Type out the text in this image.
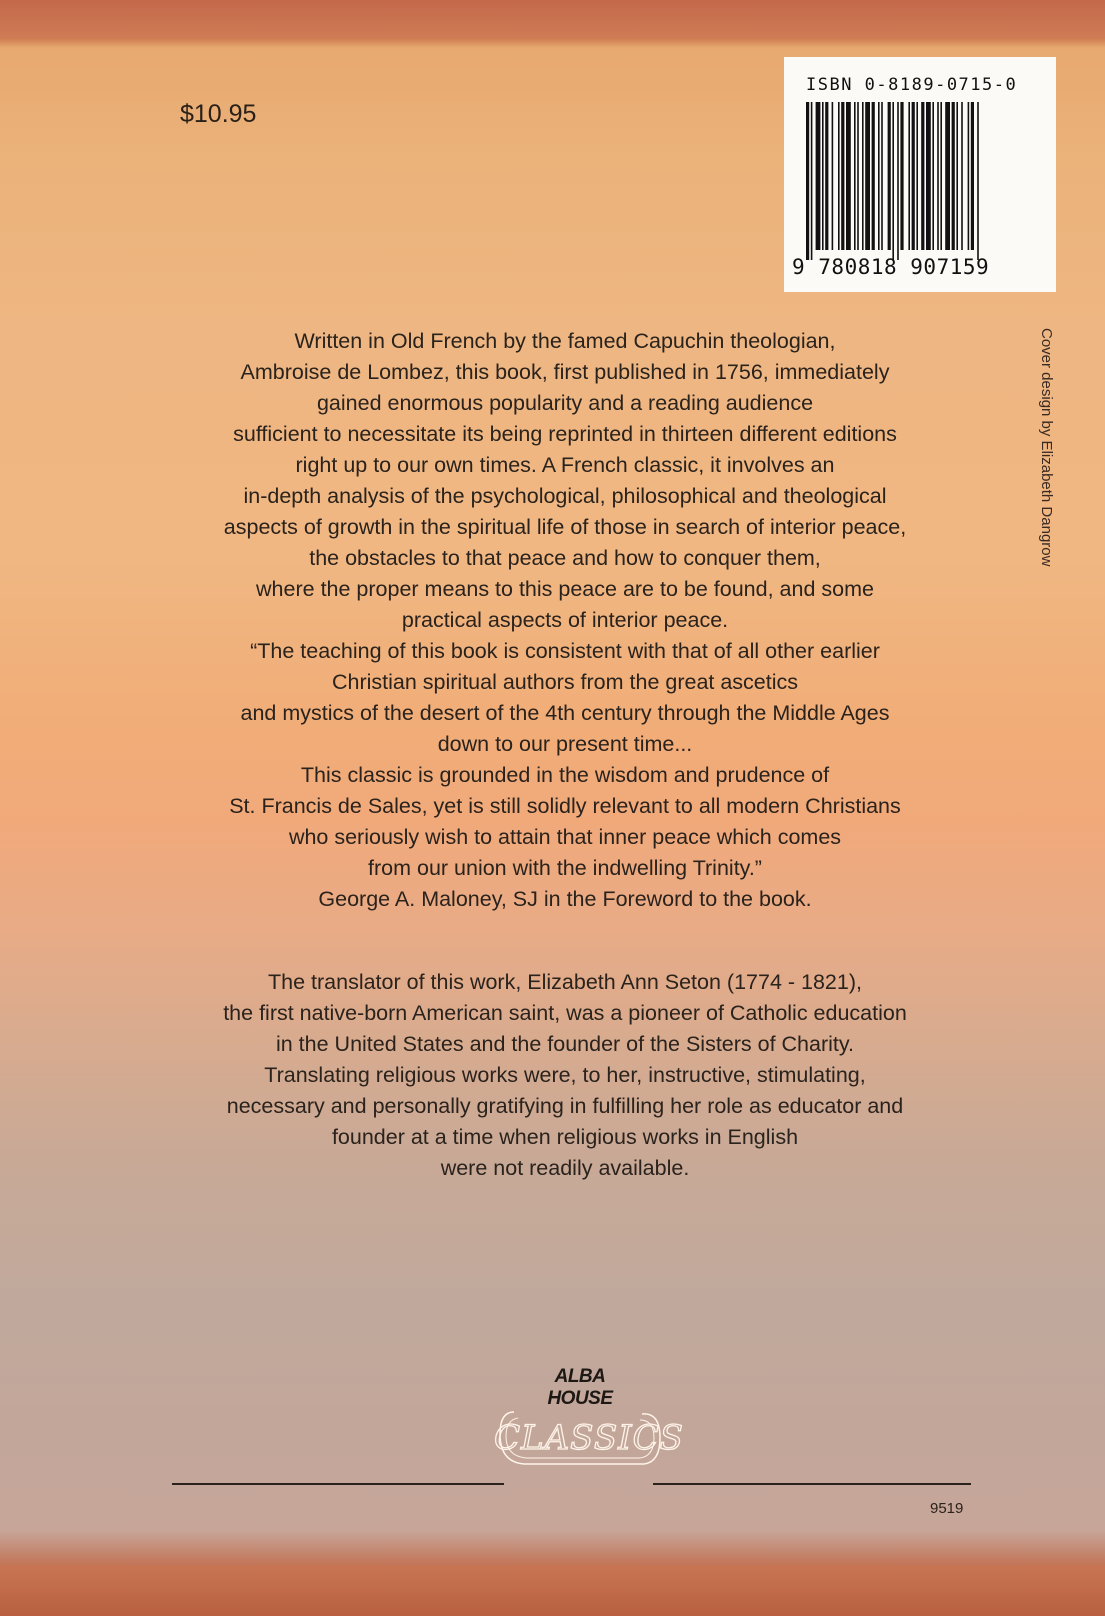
$10.95
ISBN 0-8189-0715-0
9 780818 907159
Cover design by Elizabeth Dangrow
Written in Old French by the famed Capuchin theologian,
Ambroise de Lombez, this book, first published in 1756, immediately
gained enormous popularity and a reading audience
sufficient to necessitate its being reprinted in thirteen different editions
right up to our own times. A French classic, it involves an
in-depth analysis of the psychological, philosophical and theological
aspects of growth in the spiritual life of those in search of interior peace,
the obstacles to that peace and how to conquer them,
where the proper means to this peace are to be found, and some
practical aspects of interior peace.
“The teaching of this book is consistent with that of all other earlier
Christian spiritual authors from the great ascetics
and mystics of the desert of the 4th century through the Middle Ages
down to our present time...
This classic is grounded in the wisdom and prudence of
St. Francis de Sales, yet is still solidly relevant to all modern Christians
who seriously wish to attain that inner peace which comes
from our union with the indwelling Trinity.”
George A. Maloney, SJ in the Foreword to the book.
The translator of this work, Elizabeth Ann Seton (1774 - 1821),
the first native-born American saint, was a pioneer of Catholic education
in the United States and the founder of the Sisters of Charity.
Translating religious works were, to her, instructive, stimulating,
necessary and personally gratifying in fulfilling her role as educator and
founder at a time when religious works in English
were not readily available.
ALBA
HOUSE
CLASSICS
9519
